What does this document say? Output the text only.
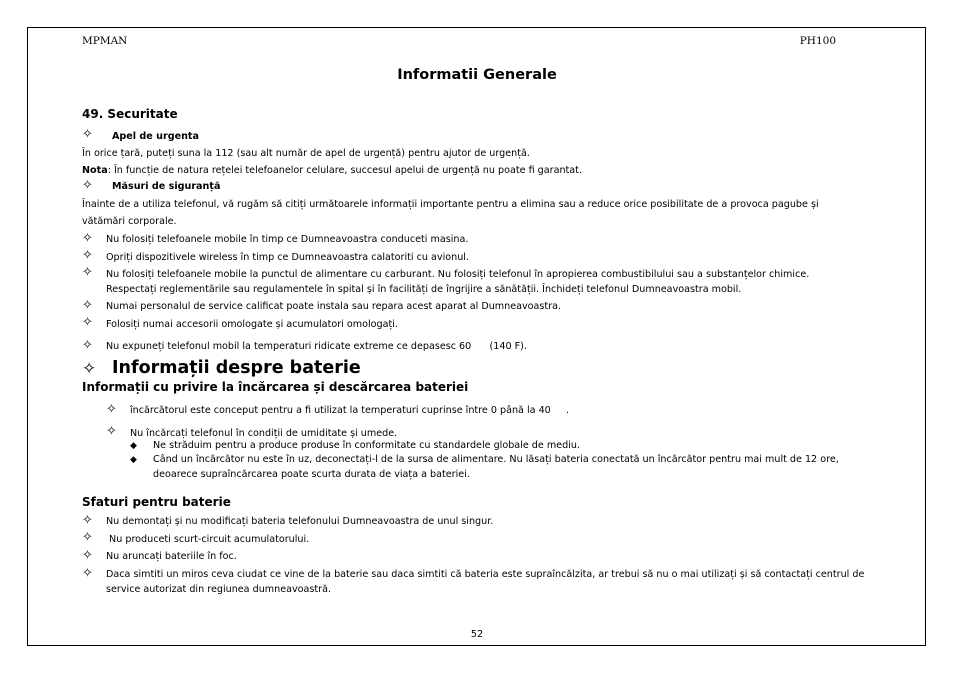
MPMAN	PH100
Informatii Generale
49. Securitate
✧ Apel de urgenta
În orice țară, puteți suna la 112 (sau alt număr de apel de urgență) pentru ajutor de urgență.
Nota: În funcție de natura rețelei telefoanelor celulare, succesul apelui de urgență nu poate fi garantat.
✧ Măsuri de siguranță
Înainte de a utiliza telefonul, vă rugăm să citiți următoarele informații importante pentru a elimina sau a reduce orice posibilitate de a provoca pagube și
vătămări corporale.
✧ Nu folosiți telefoanele mobile în timp ce Dumneavoastra conduceti masina.
✧ Opriți dispozitivele wireless în timp ce Dumneavoastra calatoriti cu avionul.
✧ Nu folosiți telefoanele mobile la punctul de alimentare cu carburant. Nu folosiți telefonul în apropierea combustibilului sau a substanțelor chimice.
Respectați reglementările sau regulamentele în spital și în facilități de îngrijire a sănătății. Închideți telefonul Dumneavoastra mobil.
✧ Numai personalul de service calificat poate instala sau repara acest aparat al Dumneavoastra.
✧ Folosiți numai accesorii omologate și acumulatori omologați.
✧ Nu expuneți telefonul mobil la temperaturi ridicate extreme ce depasesc 60      (140 F).
✧ Informații despre baterie
Informații cu privire la încărcarea și descărcarea bateriei
✧ încărcătorul este conceput pentru a fi utilizat la temperaturi cuprinse între 0 până la 40     .
✧ Nu încărcați telefonul în condiții de umiditate și umede.
◆ Ne străduim pentru a produce produse în conformitate cu standardele globale de mediu.
◆ Când un încărcător nu este în uz, deconectați-l de la sursa de alimentare. Nu lăsați bateria conectată un încărcător pentru mai mult de 12 ore,
deoarece supraîncărcarea poate scurta durata de viața a bateriei.
Sfaturi pentru baterie
✧ Nu demontați și nu modificați bateria telefonului Dumneavoastra de unul singur.
✧ Nu produceti scurt-circuit acumulatorului.
✧ Nu aruncați bateriile în foc.
✧ Daca simtiti un miros ceva ciudat ce vine de la baterie sau daca simtiti că bateria este supraîncălzita, ar trebui să nu o mai utilizați și să contactați centrul de
service autorizat din regiunea dumneavoastră.
52
